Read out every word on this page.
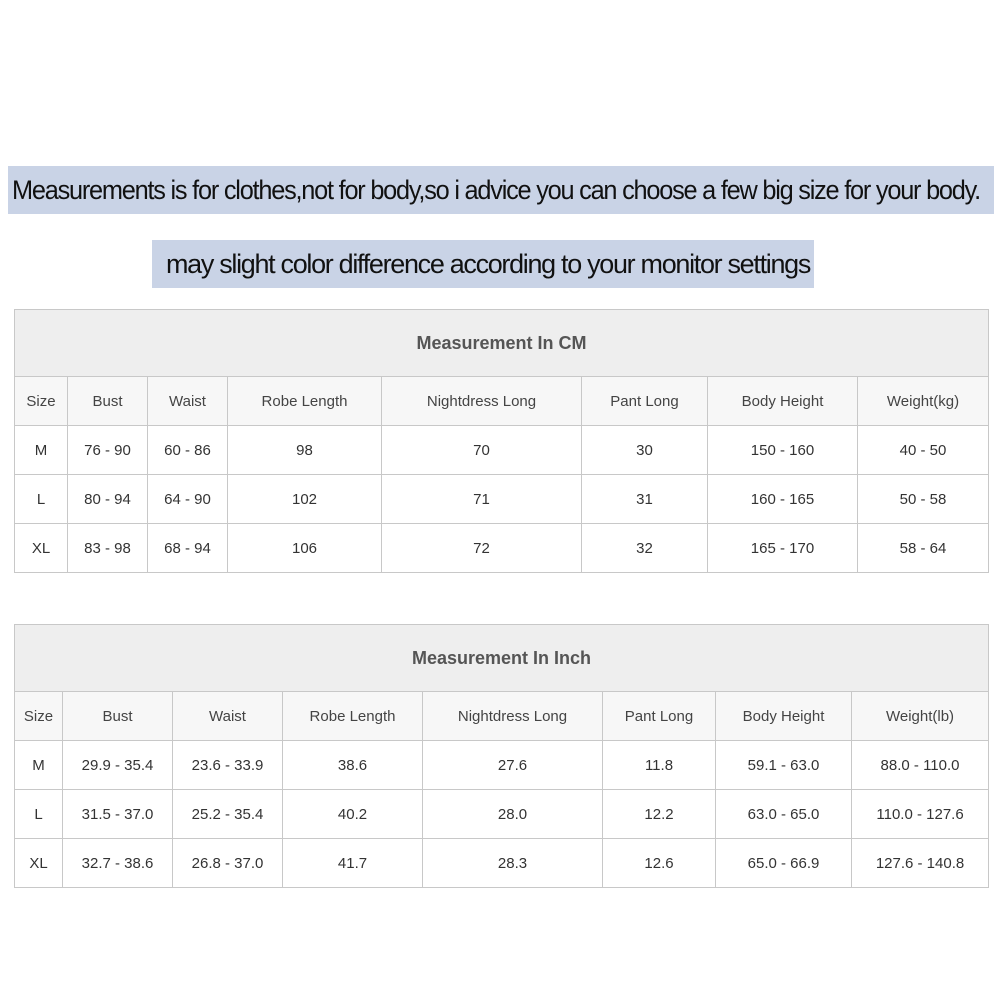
Measurements is for clothes,not for body,so i advice you can choose a few big size for your body.
may slight color difference according to your monitor settings
Measurement In CM							
Size	Bust	Waist	Robe Length	Nightdress Long	Pant Long	Body Height	Weight(kg)
M	76 - 90	60 - 86	98	70	30	150 - 160	40 - 50
L	80 - 94	64 - 90	102	71	31	160 - 165	50 - 58
XL	83 - 98	68 - 94	106	72	32	165 - 170	58 - 64
Measurement In Inch							
Size	Bust	Waist	Robe Length	Nightdress Long	Pant Long	Body Height	Weight(lb)
M	29.9 - 35.4	23.6 - 33.9	38.6	27.6	11.8	59.1 - 63.0	88.0 - 110.0
L	31.5 - 37.0	25.2 - 35.4	40.2	28.0	12.2	63.0 - 65.0	110.0 - 127.6
XL	32.7 - 38.6	26.8 - 37.0	41.7	28.3	12.6	65.0 - 66.9	127.6 - 140.8
